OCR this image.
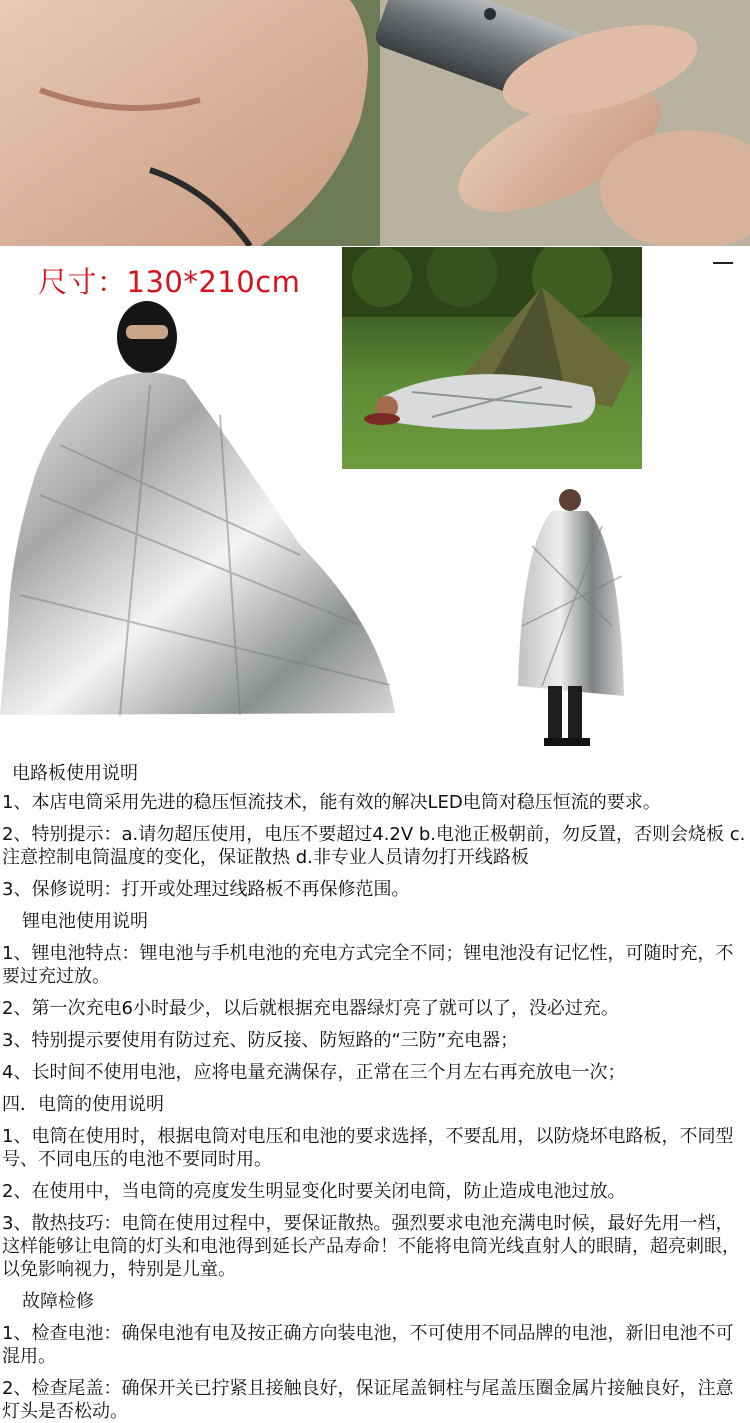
尺寸：130*210cm

电路板使用说明

1、本店电筒采用先进的稳压恒流技术，能有效的解决LED电筒对稳压恒流的要求。

2、特别提示：a.请勿超压使用，电压不要超过4.2V b.电池正极朝前，勿反置，否则会烧板 c.注意控制电筒温度的变化，保证散热 d.非专业人员请勿打开线路板

3、保修说明：打开或处理过线路板不再保修范围。

锂电池使用说明

1、锂电池特点：锂电池与手机电池的充电方式完全不同；锂电池没有记忆性，可随时充，不要过充过放。

2、第一次充电6小时最少，以后就根据充电器绿灯亮了就可以了，没必过充。

3、特别提示要使用有防过充、防反接、防短路的“三防”充电器；

4、长时间不使用电池，应将电量充满保存，正常在三个月左右再充放电一次；

四．电筒的使用说明

1、电筒在使用时，根据电筒对电压和电池的要求选择，不要乱用，以防烧坏电路板，不同型号、不同电压的电池不要同时用。

2、在使用中，当电筒的亮度发生明显变化时要关闭电筒，防止造成电池过放。

3、散热技巧：电筒在使用过程中，要保证散热。强烈要求电池充满电时候，最好先用一档，这样能够让电筒的灯头和电池得到延长产品寿命！不能将电筒光线直射人的眼睛，超亮刺眼，以免影响视力，特别是儿童。

故障检修

1、检查电池：确保电池有电及按正确方向装电池，不可使用不同品牌的电池，新旧电池不可混用。

2、检查尾盖：确保开关已拧紧且接触良好，保证尾盖铜柱与尾盖压圈金属片接触良好，注意灯头是否松动。
